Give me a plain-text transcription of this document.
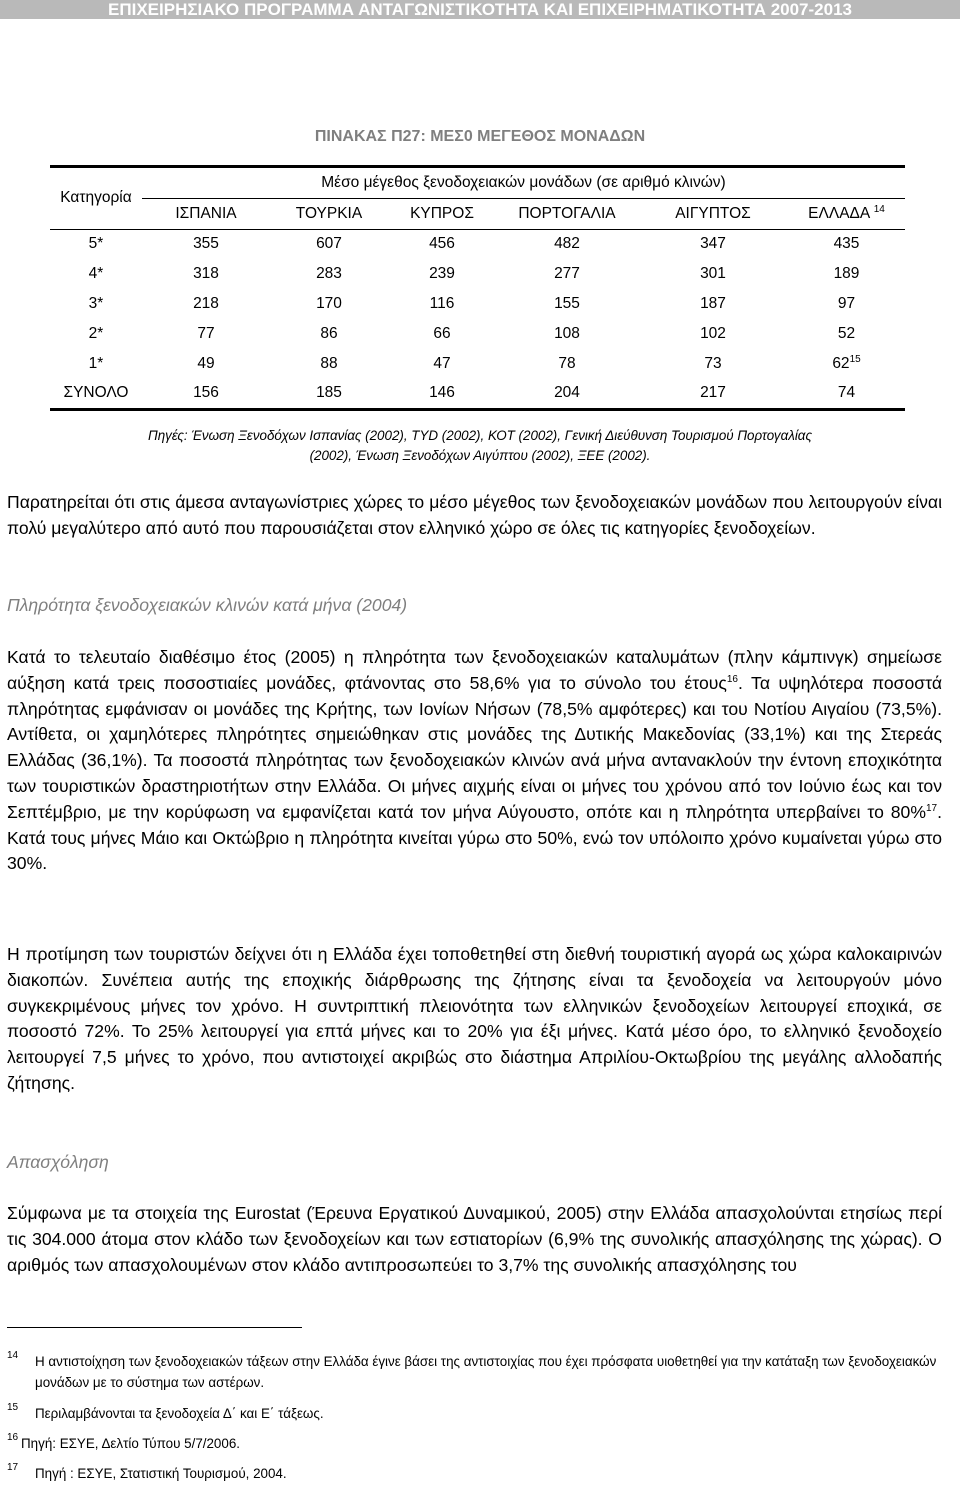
ΕΠΙΧΕΙΡΗΣΙΑΚΟ ΠΡΟΓΡΑΜΜΑ ΑΝΤΑΓΩΝΙΣΤΙΚΟΤΗΤΑ ΚΑΙ ΕΠΙΧΕΙΡΗΜΑΤΙΚΟΤΗΤΑ 2007-2013
ΠΙΝΑΚΑΣ Π27: ΜΕΣ0 ΜΕΓΕΘΟΣ ΜΟΝΑΔΩΝ
Κατηγορία	Μέσο μέγεθος ξενοδοχειακών μονάδων (σε αριθμό κλινών)					
	ΙΣΠΑΝΙΑ	ΤΟΥΡΚΙΑ	ΚΥΠΡΟΣ	ΠΟΡΤΟΓΑΛΙΑ	ΑΙΓΥΠΤΟΣ	ΕΛΛΑΔΑ $^{14}$
5*	355	607	456	482	347	435
4*	318	283	239	277	301	189
3*	218	170	116	155	187	97
2*	77	86	66	108	102	52
1*	49	88	47	78	73	$62^{15}$
ΣΥΝΟΛΟ	156	185	146	204	217	74
Πηγές: Ένωση Ξενοδόχων Ισπανίας (2002), TYD (2002), ΚΟΤ (2002), Γενική Διεύθυνση Τουρισμού Πορτογαλίας
(2002), Ένωση Ξενοδόχων Αιγύπτου (2002), ΞΕΕ (2002).
Παρατηρείται ότι στις άμεσα ανταγωνίστριες χώρες το μέσο μέγεθος των ξενοδοχειακών μονάδων που λειτουργούν είναι πολύ μεγαλύτερο από αυτό που παρουσιάζεται στον ελληνικό χώρο σε όλες τις κατηγορίες ξενοδοχείων.
Πληρότητα ξενοδοχειακών κλινών κατά μήνα (2004)
Κατά το τελευταίο διαθέσιμο έτος (2005) η πληρότητα των ξενοδοχειακών καταλυμάτων (πλην κάμπινγκ) σημείωσε αύξηση κατά τρεις ποσοστιαίες μονάδες, φτάνοντας στο 58,6% για το σύνολο του έτους$^{16}$. Τα υψηλότερα ποσοστά πληρότητας εμφάνισαν οι μονάδες της Κρήτης, των Ιονίων Νήσων (78,5% αμφότερες) και του Νοτίου Αιγαίου (73,5%). Αντίθετα, οι χαμηλότερες πληρότητες σημειώθηκαν στις μονάδες της Δυτικής Μακεδονίας (33,1%) και της Στερεάς Ελλάδας (36,1%). Τα ποσοστά πληρότητας των ξενοδοχειακών κλινών ανά μήνα αντανακλούν την έντονη εποχικότητα των τουριστικών δραστηριοτήτων στην Ελλάδα. Οι μήνες αιχμής είναι οι μήνες του χρόνου από τον Ιούνιο έως και τον Σεπτέμβριο, με την κορύφωση να εμφανίζεται κατά τον μήνα Αύγουστο, οπότε και η πληρότητα υπερβαίνει το 80%$^{17}$. Κατά τους μήνες Μάιο και Οκτώβριο η πληρότητα κινείται γύρω στο 50%, ενώ τον υπόλοιπο χρόνο κυμαίνεται γύρω στο 30%.
Η προτίμηση των τουριστών δείχνει ότι η Ελλάδα έχει τοποθετηθεί στη διεθνή τουριστική αγορά ως χώρα καλοκαιρινών διακοπών. Συνέπεια αυτής της εποχικής διάρθρωσης της ζήτησης είναι τα ξενοδοχεία να λειτουργούν μόνο συγκεκριμένους μήνες τον χρόνο. Η συντριπτική πλειονότητα των ελληνικών ξενοδοχείων λειτουργεί εποχικά, σε ποσοστό 72%. Το 25% λειτουργεί για επτά μήνες και το 20% για έξι μήνες. Κατά μέσο όρο, το ελληνικό ξενοδοχείο λειτουργεί 7,5 μήνες το χρόνο, που αντιστοιχεί ακριβώς στο διάστημα Απριλίου-Οκτωβρίου της μεγάλης αλλοδαπής ζήτησης.
Απασχόληση
Σύμφωνα με τα στοιχεία της Eurostat (Έρευνα Εργατικού Δυναμικού, 2005) στην Ελλάδα απασχολούνται ετησίως περί τις 304.000 άτομα στον κλάδο των ξενοδοχείων και των εστιατορίων (6,9% της συνολικής απασχόλησης της χώρας). Ο αριθμός των απασχολουμένων στον κλάδο αντιπροσωπεύει το 3,7% της συνολικής απασχόλησης του
14 Η αντιστοίχηση των ξενοδοχειακών τάξεων στην Ελλάδα έγινε βάσει της αντιστοιχίας που έχει πρόσφατα υιοθετηθεί για την κατάταξη των ξενοδοχειακών μονάδων με το σύστημα των αστέρων.
15 Περιλαμβάνονται τα ξενοδοχεία Δ΄ και Ε΄ τάξεως.
16 Πηγή: ΕΣΥΕ, Δελτίο Τύπου 5/7/2006.
17 Πηγή : ΕΣΥΕ, Στατιστική Τουρισμού, 2004.
